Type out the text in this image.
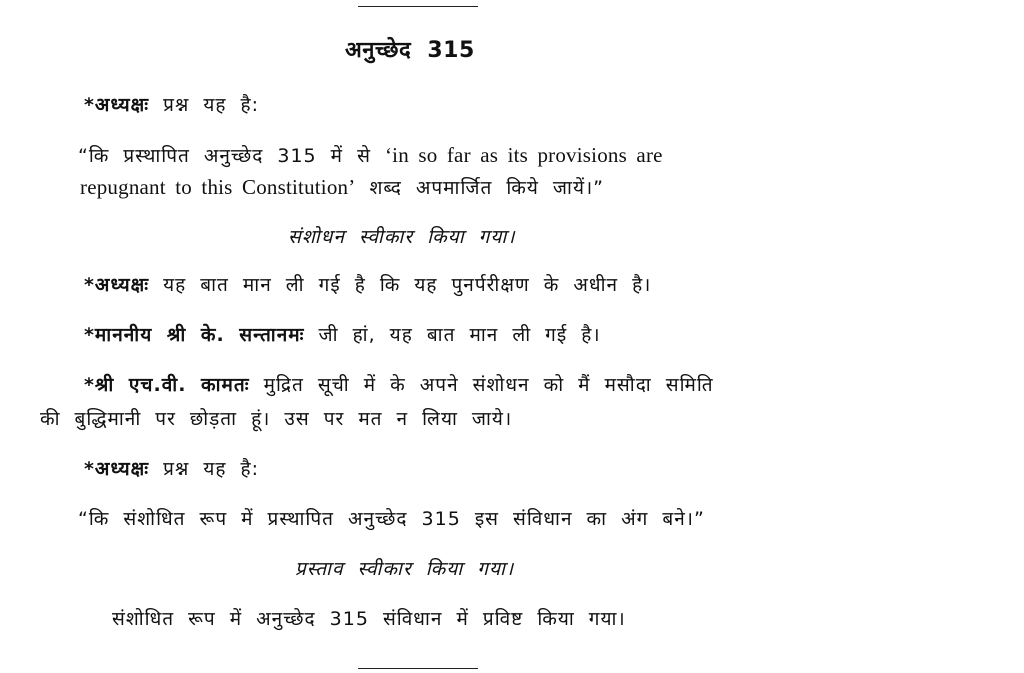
अनुच्छेद 315
*अध्यक्षः प्रश्न यह है:
“कि प्रस्थापित अनुच्छेद 315 में से ‘in so far as its provisions are
repugnant to this Constitution’ शब्द अपमार्जित किये जायें।”
संशोधन स्वीकार किया गया।
*अध्यक्षः यह बात मान ली गई है कि यह पुनर्परीक्षण के अधीन है।
*माननीय श्री के. सन्तानमः जी हां, यह बात मान ली गई है।
*श्री एच.वी. कामतः मुद्रित सूची में के अपने संशोधन को मैं मसौदा समिति
की बुद्धिमानी पर छोड़ता हूं। उस पर मत न लिया जाये।
*अध्यक्षः प्रश्न यह है:
“कि संशोधित रूप में प्रस्थापित अनुच्छेद 315 इस संविधान का अंग बने।”
प्रस्ताव स्वीकार किया गया।
संशोधित रूप में अनुच्छेद 315 संविधान में प्रविष्ट किया गया।
